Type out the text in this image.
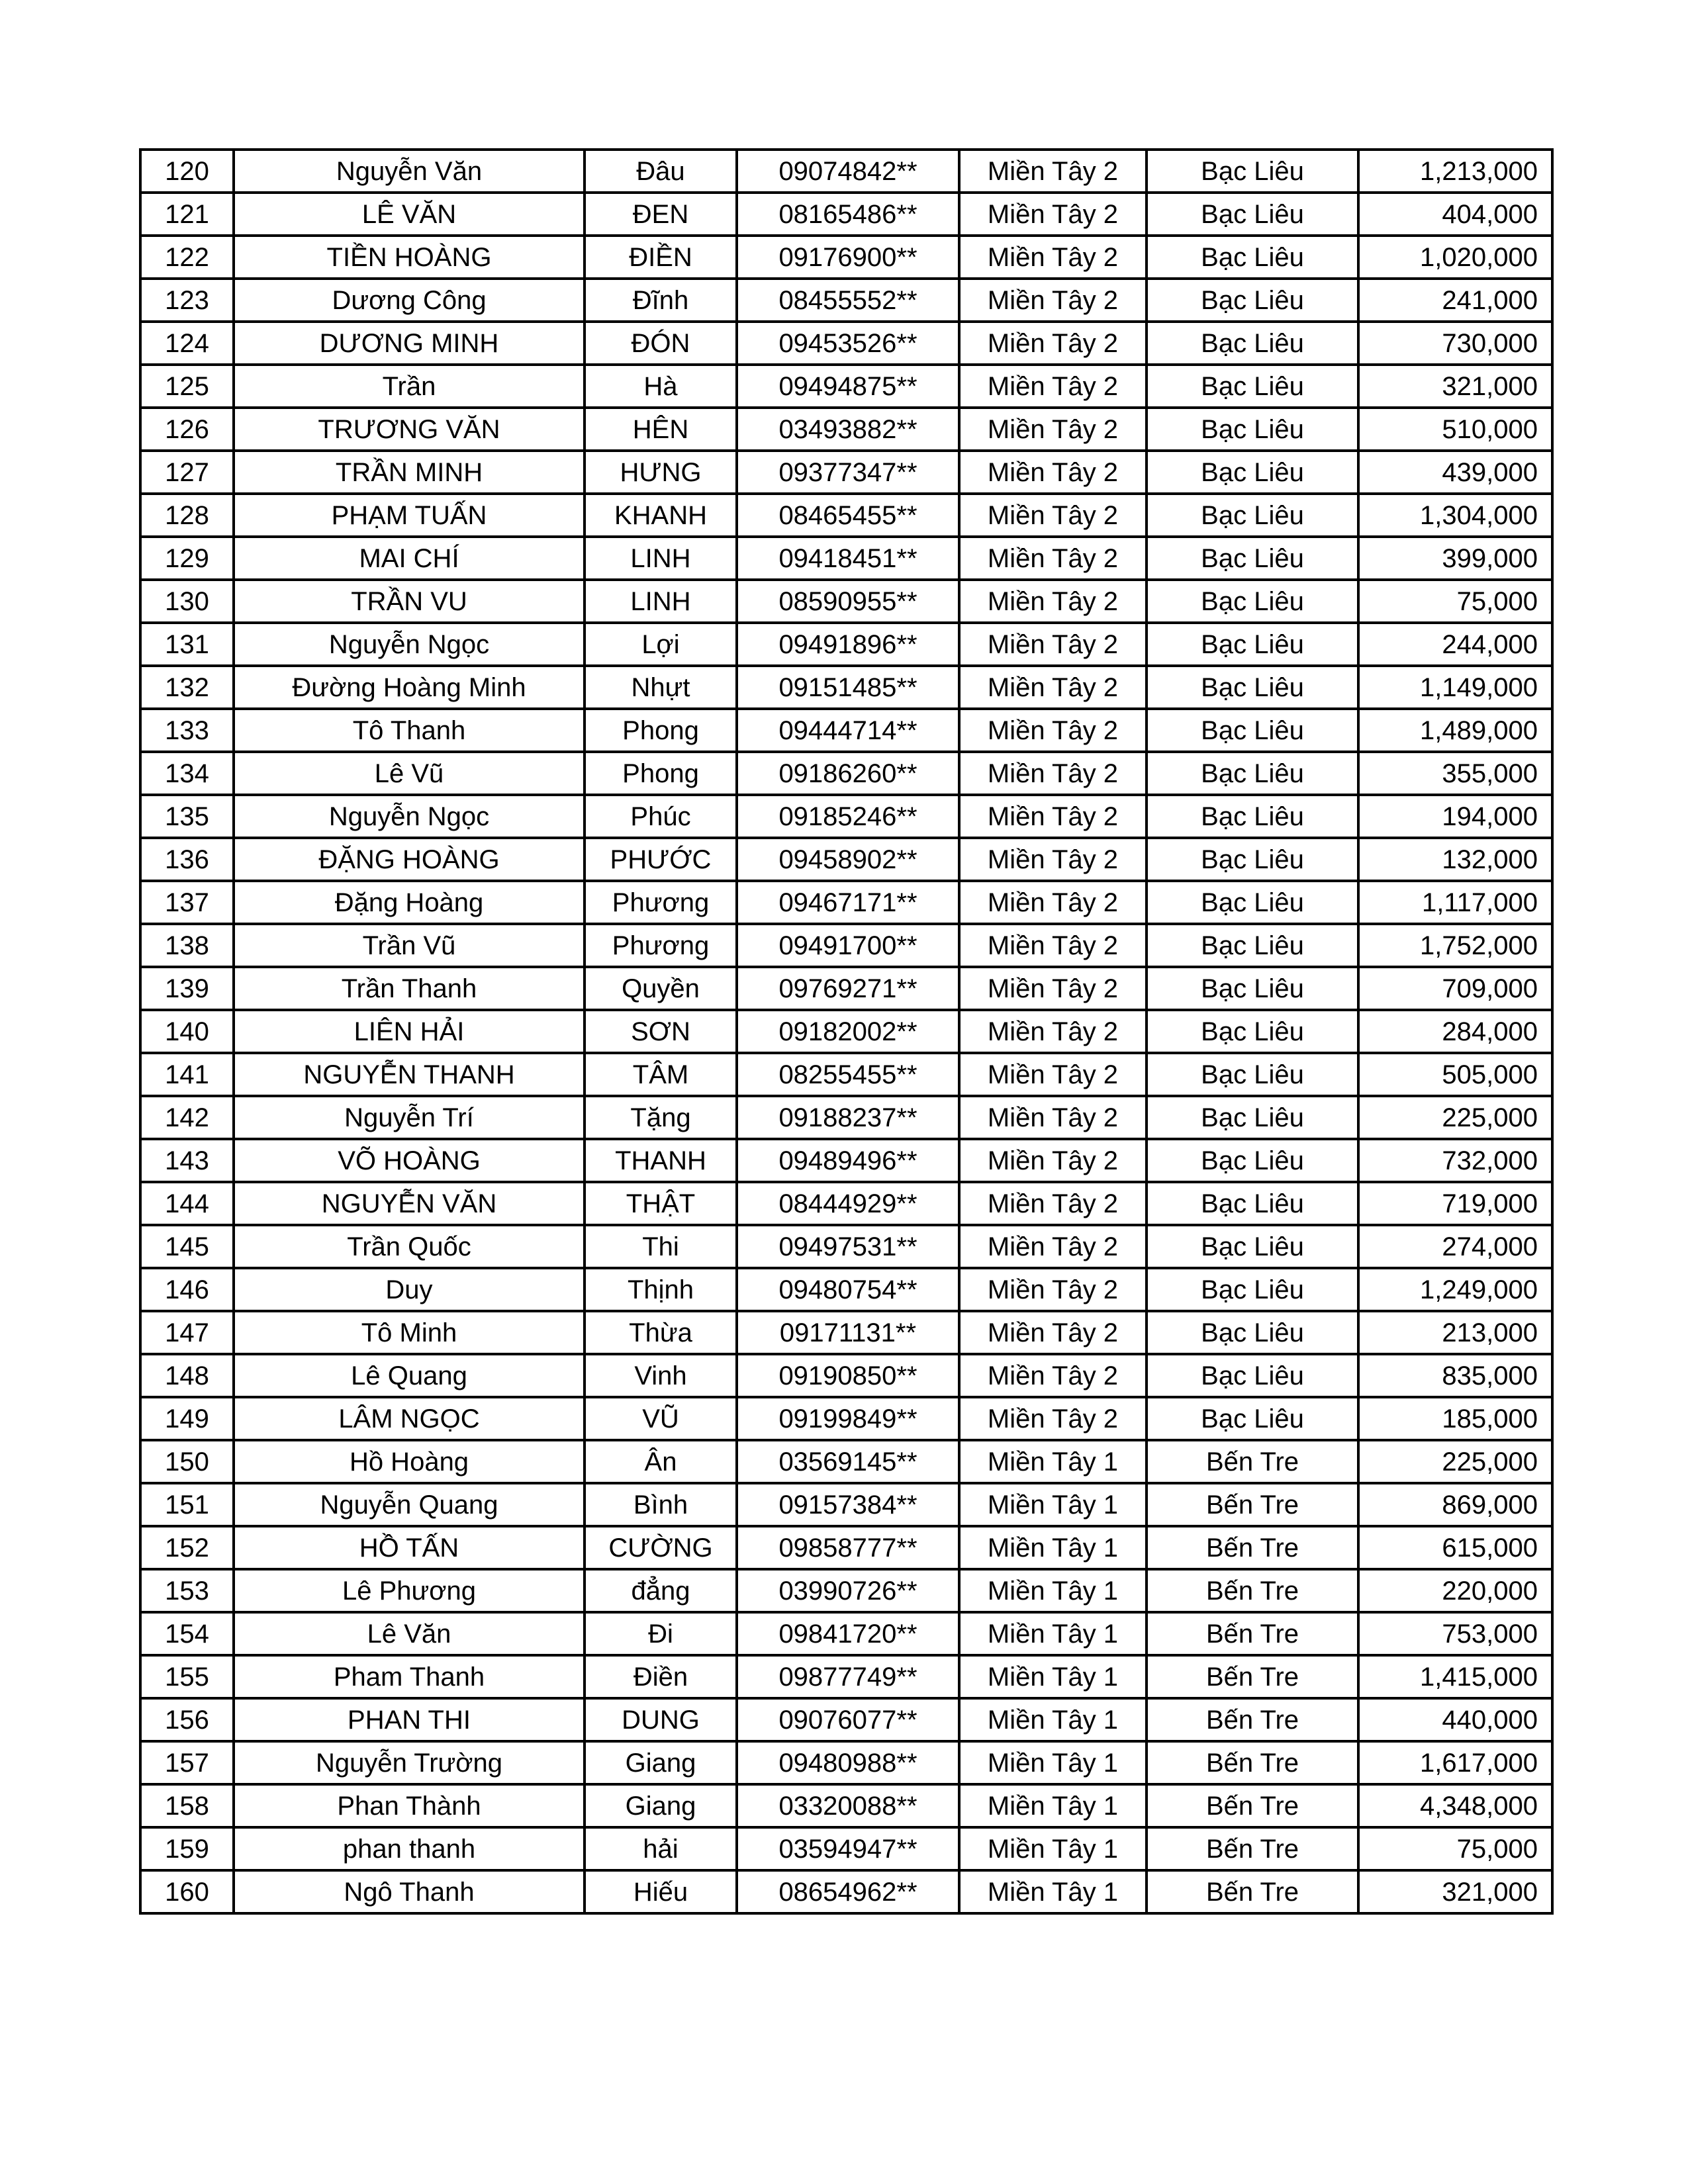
120	Nguyễn Văn	Đâu	09074842**	Miền Tây 2	Bạc Liêu	1,213,000
121	LÊ VĂN	ĐEN	08165486**	Miền Tây 2	Bạc Liêu	404,000
122	TIỀN HOÀNG	ĐIỀN	09176900**	Miền Tây 2	Bạc Liêu	1,020,000
123	Dương Công	Đĩnh	08455552**	Miền Tây 2	Bạc Liêu	241,000
124	DƯƠNG MINH	ĐÓN	09453526**	Miền Tây 2	Bạc Liêu	730,000
125	Trần	Hà	09494875**	Miền Tây 2	Bạc Liêu	321,000
126	TRƯƠNG VĂN	HÊN	03493882**	Miền Tây 2	Bạc Liêu	510,000
127	TRẦN MINH	HƯNG	09377347**	Miền Tây 2	Bạc Liêu	439,000
128	PHẠM TUẤN	KHANH	08465455**	Miền Tây 2	Bạc Liêu	1,304,000
129	MAI CHÍ	LINH	09418451**	Miền Tây 2	Bạc Liêu	399,000
130	TRẦN VU	LINH	08590955**	Miền Tây 2	Bạc Liêu	75,000
131	Nguyễn Ngọc	Lợi	09491896**	Miền Tây 2	Bạc Liêu	244,000
132	Đường Hoàng Minh	Nhựt	09151485**	Miền Tây 2	Bạc Liêu	1,149,000
133	Tô Thanh	Phong	09444714**	Miền Tây 2	Bạc Liêu	1,489,000
134	Lê Vũ	Phong	09186260**	Miền Tây 2	Bạc Liêu	355,000
135	Nguyễn Ngọc	Phúc	09185246**	Miền Tây 2	Bạc Liêu	194,000
136	ĐẶNG HOÀNG	PHƯỚC	09458902**	Miền Tây 2	Bạc Liêu	132,000
137	Đặng Hoàng	Phương	09467171**	Miền Tây 2	Bạc Liêu	1,117,000
138	Trần Vũ	Phương	09491700**	Miền Tây 2	Bạc Liêu	1,752,000
139	Trần Thanh	Quyền	09769271**	Miền Tây 2	Bạc Liêu	709,000
140	LIÊN HẢI	SƠN	09182002**	Miền Tây 2	Bạc Liêu	284,000
141	NGUYỄN THANH	TÂM	08255455**	Miền Tây 2	Bạc Liêu	505,000
142	Nguyễn Trí	Tặng	09188237**	Miền Tây 2	Bạc Liêu	225,000
143	VÕ HOÀNG	THANH	09489496**	Miền Tây 2	Bạc Liêu	732,000
144	NGUYỄN VĂN	THẬT	08444929**	Miền Tây 2	Bạc Liêu	719,000
145	Trần Quốc	Thi	09497531**	Miền Tây 2	Bạc Liêu	274,000
146	Duy	Thịnh	09480754**	Miền Tây 2	Bạc Liêu	1,249,000
147	Tô Minh	Thừa	09171131**	Miền Tây 2	Bạc Liêu	213,000
148	Lê Quang	Vinh	09190850**	Miền Tây 2	Bạc Liêu	835,000
149	LÂM NGỌC	VŨ	09199849**	Miền Tây 2	Bạc Liêu	185,000
150	Hồ Hoàng	Ân	03569145**	Miền Tây 1	Bến Tre	225,000
151	Nguyễn Quang	Bình	09157384**	Miền Tây 1	Bến Tre	869,000
152	HỒ TẤN	CƯỜNG	09858777**	Miền Tây 1	Bến Tre	615,000
153	Lê Phương	đẳng	03990726**	Miền Tây 1	Bến Tre	220,000
154	Lê Văn	Đi	09841720**	Miền Tây 1	Bến Tre	753,000
155	Pham Thanh	Điền	09877749**	Miền Tây 1	Bến Tre	1,415,000
156	PHAN THI	DUNG	09076077**	Miền Tây 1	Bến Tre	440,000
157	Nguyễn Trường	Giang	09480988**	Miền Tây 1	Bến Tre	1,617,000
158	Phan Thành	Giang	03320088**	Miền Tây 1	Bến Tre	4,348,000
159	phan thanh	hải	03594947**	Miền Tây 1	Bến Tre	75,000
160	Ngô Thanh	Hiếu	08654962**	Miền Tây 1	Bến Tre	321,000
